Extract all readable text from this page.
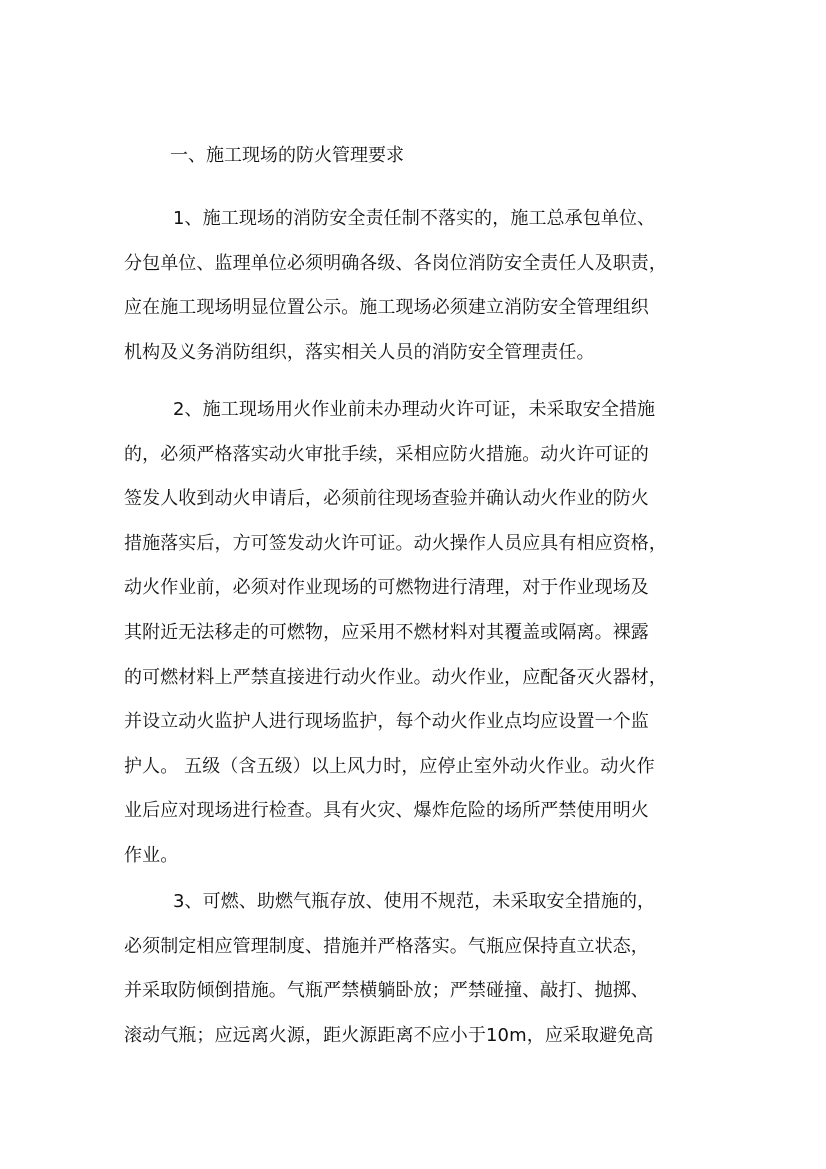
一、施工现场的防火管理要求
1、施工现场的消防安全责任制不落实的，施工总承包单位、
分包单位、监理单位必须明确各级、各岗位消防安全责任人及职责，
应在施工现场明显位置公示。施工现场必须建立消防安全管理组织
机构及义务消防组织，落实相关人员的消防安全管理责任。
2、施工现场用火作业前未办理动火许可证，未采取安全措施
的，必须严格落实动火审批手续，采相应防火措施。动火许可证的
签发人收到动火申请后，必须前往现场查验并确认动火作业的防火
措施落实后，方可签发动火许可证。动火操作人员应具有相应资格，
动火作业前，必须对作业现场的可燃物进行清理，对于作业现场及
其附近无法移走的可燃物，应采用不燃材料对其覆盖或隔离。裸露
的可燃材料上严禁直接进行动火作业。动火作业，应配备灭火器材，
并设立动火监护人进行现场监护，每个动火作业点均应设置一个监
护人。 五级（含五级）以上风力时，应停止室外动火作业。动火作
业后应对现场进行检查。具有火灾、爆炸危险的场所严禁使用明火
作业。
3、可燃、助燃气瓶存放、使用不规范，未采取安全措施的，
必须制定相应管理制度、措施并严格落实。气瓶应保持直立状态，
并采取防倾倒措施。气瓶严禁横躺卧放；严禁碰撞、敲打、抛掷、
滚动气瓶；应远离火源，距火源距离不应小于10m，应采取避免高
